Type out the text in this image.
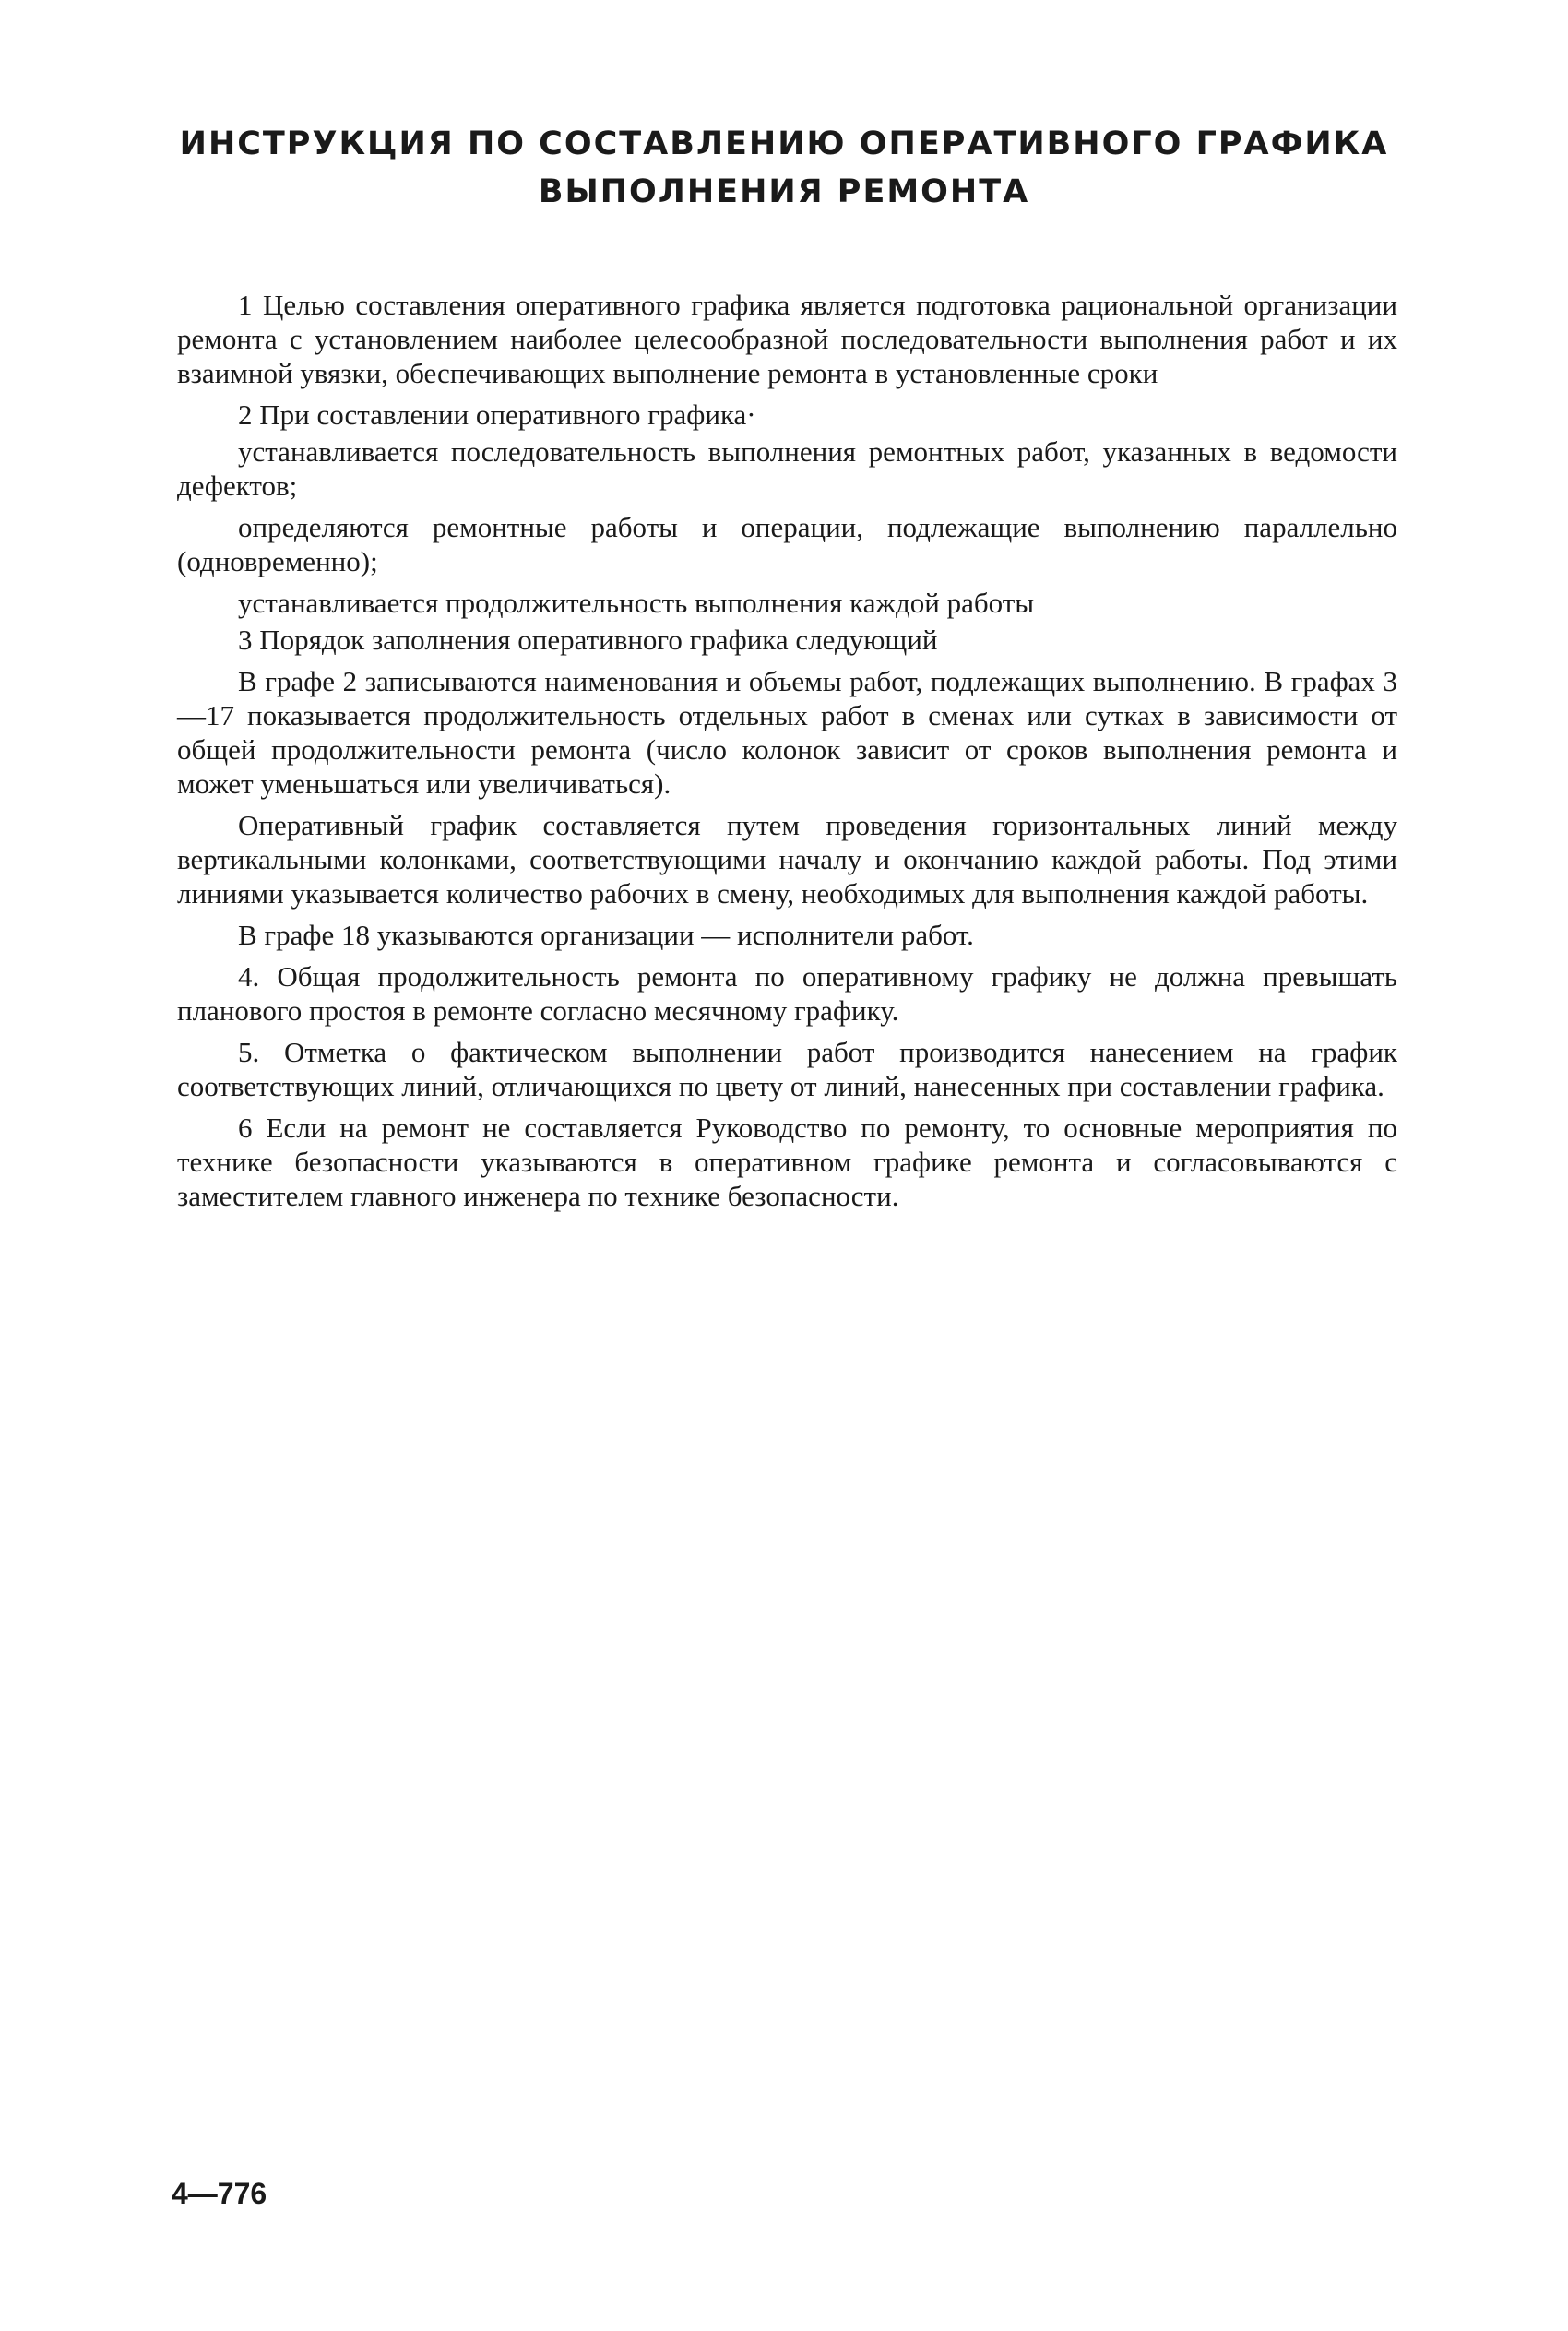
ИНСТРУКЦИЯ ПО СОСТАВЛЕНИЮ ОПЕРАТИВНОГО ГРАФИКА
ВЫПОЛНЕНИЯ РЕМОНТА

1 Целью составления оперативного графика является подготовка рациональной организации ремонта с установлением наиболее целесообразной последовательности выполнения работ и их взаимной увязки, обеспечивающих выполнение ремонта в установленные сроки

2 При составлении оперативного графика·

устанавливается последовательность выполнения ремонтных работ, указанных в ведомости дефектов;

определяются ремонтные работы и операции, подлежащие выполнению параллельно (одновременно);

устанавливается продолжительность выполнения каждой работы

3 Порядок заполнения оперативного графика следующий

В графе 2 записываются наименования и объемы работ, подлежащих выполнению. В графах 3—17 показывается продолжительность отдельных работ в сменах или сутках в зависимости от общей продолжительности ремонта (число колонок зависит от сроков выполнения ремонта и может уменьшаться или увеличиваться).

Оперативный график составляется путем проведения горизонтальных линий между вертикальными колонками, соответствующими началу и окончанию каждой работы. Под этими линиями указывается количество рабочих в смену, необходимых для выполнения каждой работы.

В графе 18 указываются организации — исполнители работ.

4. Общая продолжительность ремонта по оперативному графику не должна превышать планового простоя в ремонте согласно месячному графику.

5. Отметка о фактическом выполнении работ производится нанесением на график соответствующих линий, отличающихся по цвету от линий, нанесенных при составлении графика.

6 Если на ремонт не составляется Руководство по ремонту, то основные мероприятия по технике безопасности указываются в оперативном графике ремонта и согласовываются с заместителем главного инженера по технике безопасности.

4—776
